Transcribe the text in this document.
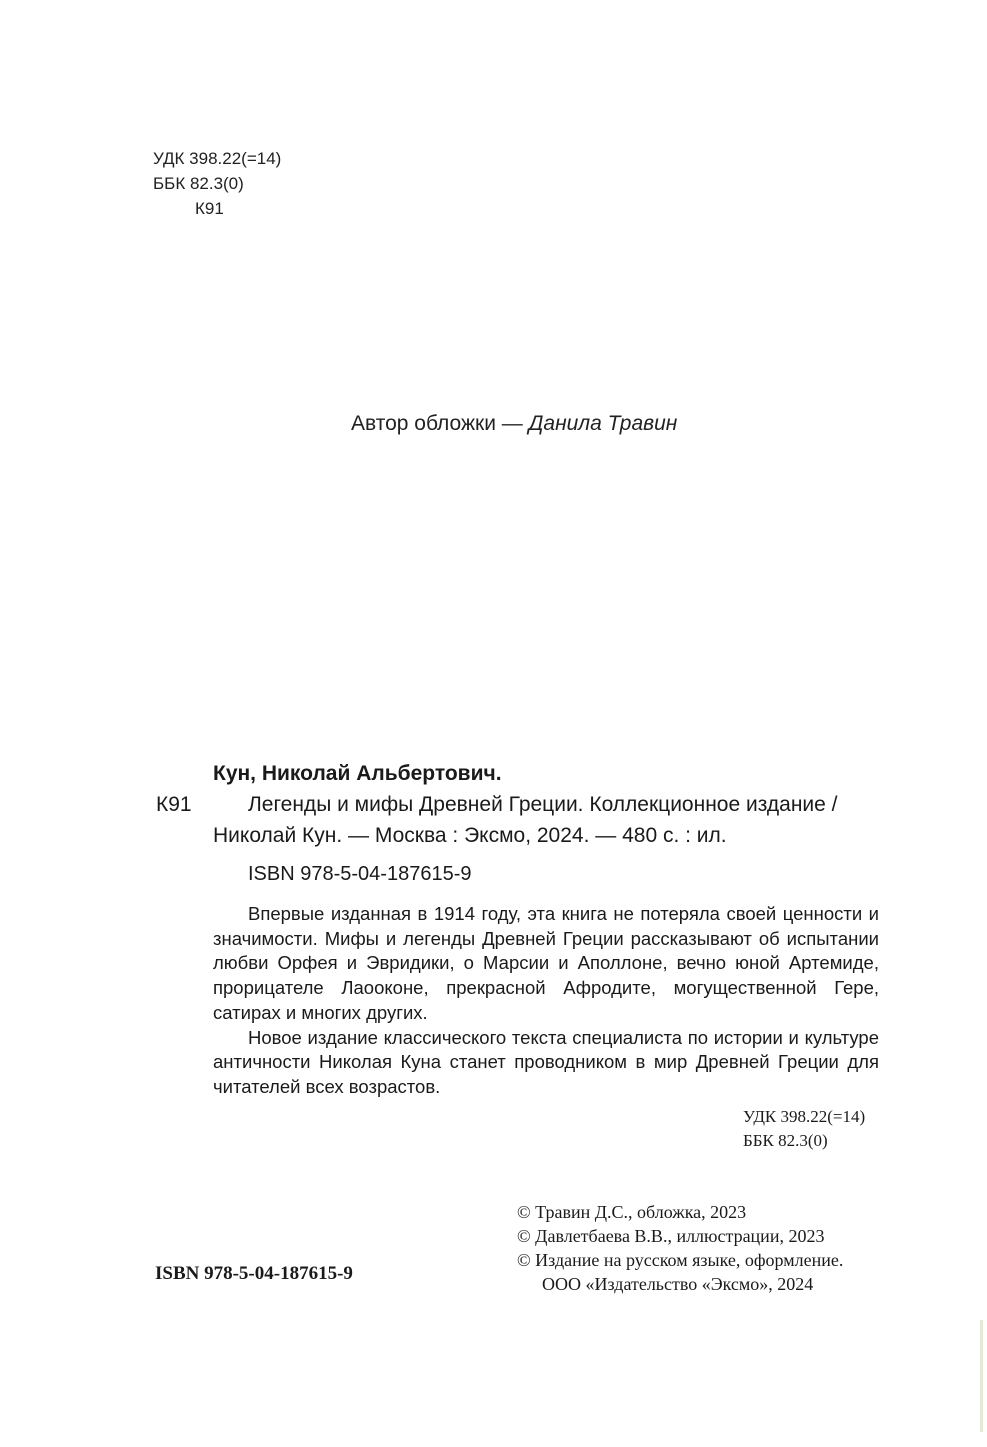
УДК 398.22(=14)
ББК 82.3(0)
К91
Автор обложки — Данила Травин
Кун, Николай Альбертович.
К91	Легенды и мифы Древней Греции. Коллекционное издание /
Николай Кун. — Москва : Эксмо, 2024. — 480 с. : ил.
ISBN 978-5-04-187615-9

Впервые изданная в 1914 году, эта книга не потеряла своей ценности и значимости. Мифы и легенды Древней Греции рассказывают об испытании любви Орфея и Эвридики, о Марсии и Аполлоне, вечно юной Артемиде, прорицателе Лаооконе, прекрасной Афродите, могущественной Гере, сатирах и многих других.

Новое издание классического текста специалиста по истории и культуре античности Николая Куна станет проводником в мир Древней Греции для читателей всех возрастов.

УДК 398.22(=14)
ББК 82.3(0)
© Травин Д.С., обложка, 2023
© Давлетбаева В.В., иллюстрации, 2023
© Издание на русском языке, оформление.
ООО «Издательство «Эксмо», 2024
ISBN 978-5-04-187615-9
